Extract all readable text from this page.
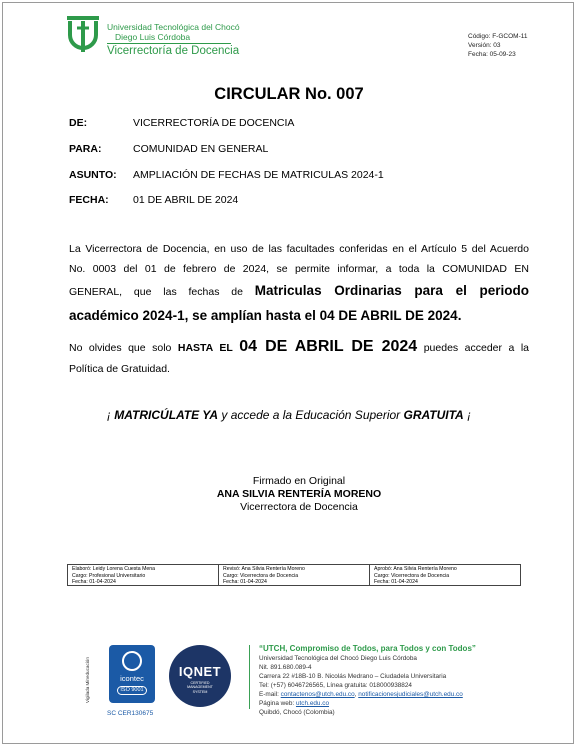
Universidad Tecnológica del Chocó
Diego Luis Córdoba
Vicerrectoría de Docencia
Código: F-GCOM-11
Versión: 03
Fecha: 05-09-23
CIRCULAR No. 007
DE:	VICERRECTORÍA DE DOCENCIA
PARA:	COMUNIDAD EN GENERAL
ASUNTO: AMPLIACIÓN DE FECHAS DE MATRICULAS 2024-1
FECHA: 01 DE ABRIL DE 2024
La Vicerrectora de Docencia, en uso de las facultades conferidas en el Artículo 5 del Acuerdo
No. 0003 del 01 de febrero de 2024, se permite informar, a toda la COMUNIDAD EN
GENERAL, que las fechas de Matriculas Ordinarias para el periodo
académico 2024-1, se amplían hasta el 04 DE ABRIL DE 2024.
No olvides que solo HASTA EL 04 DE ABRIL DE 2024 puedes acceder a la
Política de Gratuidad.
¡ MATRICÚLATE YA y accede a la Educación Superior GRATUITA ¡
Firmado en Original
ANA SILVIA RENTERÍA MORENO
Vicerrectora de Docencia
Elaboró: Leidy Lorena Cuesta Mena
Cargo: Profesional Universitario
Fecha: 01-04-2024
Revisó: Ana Silvia Rentería Moreno
Cargo: Vicerrectora de Docencia
Fecha: 01-04-2024
Aprobó: Ana Silvia Rentería Moreno
Cargo: Vicerrectora de Docencia
Fecha: 01-04-2024
Vigilada Mineducación	icontec
ISO 9001
SC CER130675
IQNET
CERTIFIED
MANAGEMENT
SYSTEM
“UTCH, Compromiso de Todos, para Todos y con Todos”
Universidad Tecnológica del Chocó Diego Luis Córdoba
Nit. 891.680.089-4
Carrera 22 #18B-10 B. Nicolás Medrano – Ciudadela Universitaria
Tel: (+57) 6046726565, Línea gratuita: 018000938824
E-mail: contactenos@utch.edu.co, notificacionesjudiciales@utch.edu.co
Página web: utch.edu.co
Quibdó, Chocó (Colombia)
